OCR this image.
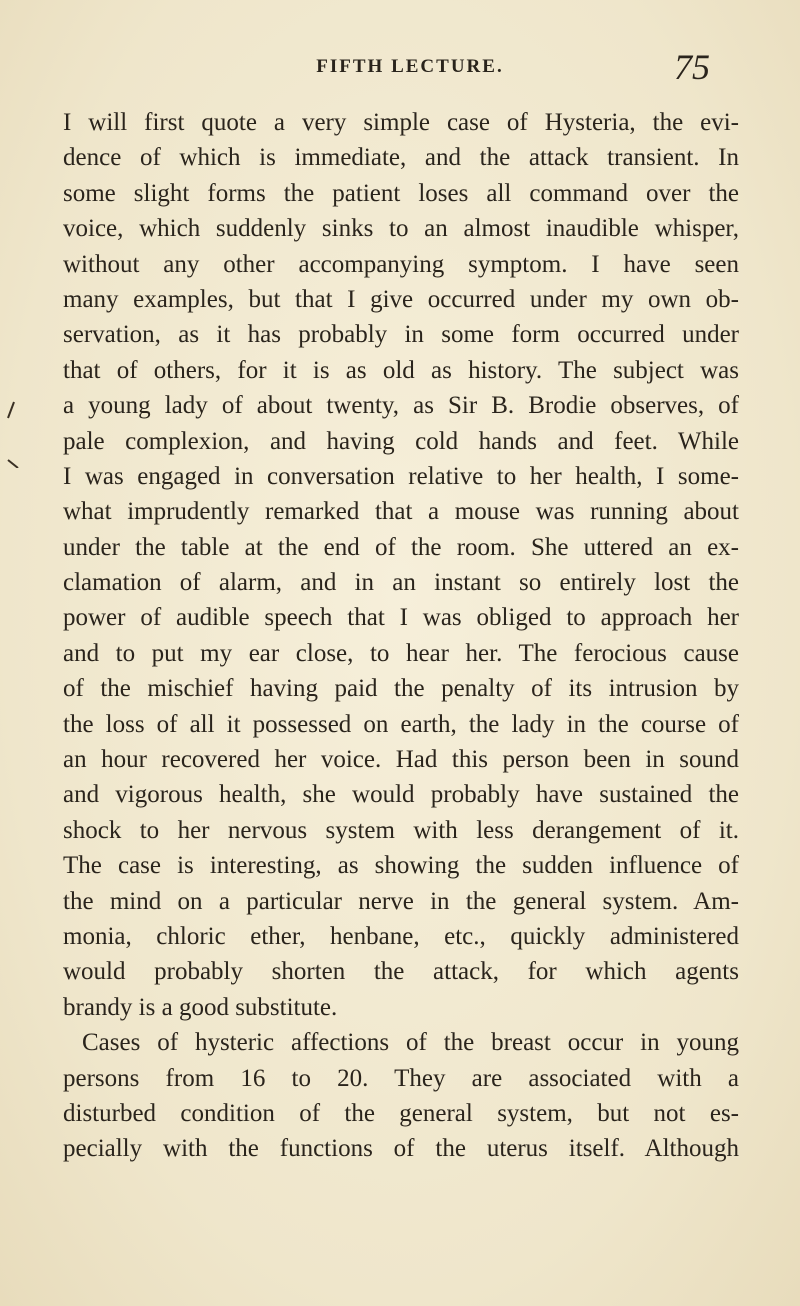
FIFTH LECTURE.	75
I will first quote a very simple case of Hysteria, the evi-
dence of which is immediate, and the attack transient. In
some slight forms the patient loses all command over the
voice, which suddenly sinks to an almost inaudible whisper,
without any other accompanying symptom. I have seen
many examples, but that I give occurred under my own ob-
servation, as it has probably in some form occurred under
that of others, for it is as old as history. The subject was
a young lady of about twenty, as Sir B. Brodie observes, of
pale complexion, and having cold hands and feet. While
I was engaged in conversation relative to her health, I some-
what imprudently remarked that a mouse was running about
under the table at the end of the room. She uttered an ex-
clamation of alarm, and in an instant so entirely lost the
power of audible speech that I was obliged to approach her
and to put my ear close, to hear her. The ferocious cause
of the mischief having paid the penalty of its intrusion by
the loss of all it possessed on earth, the lady in the course of
an hour recovered her voice. Had this person been in sound
and vigorous health, she would probably have sustained the
shock to her nervous system with less derangement of it.
The case is interesting, as showing the sudden influence of
the mind on a particular nerve in the general system. Am-
monia, chloric ether, henbane, etc., quickly administered
would probably shorten the attack, for which agents
brandy is a good substitute.
Cases of hysteric affections of the breast occur in young
persons from 16 to 20. They are associated with a
disturbed condition of the general system, but not es-
pecially with the functions of the uterus itself. Although
